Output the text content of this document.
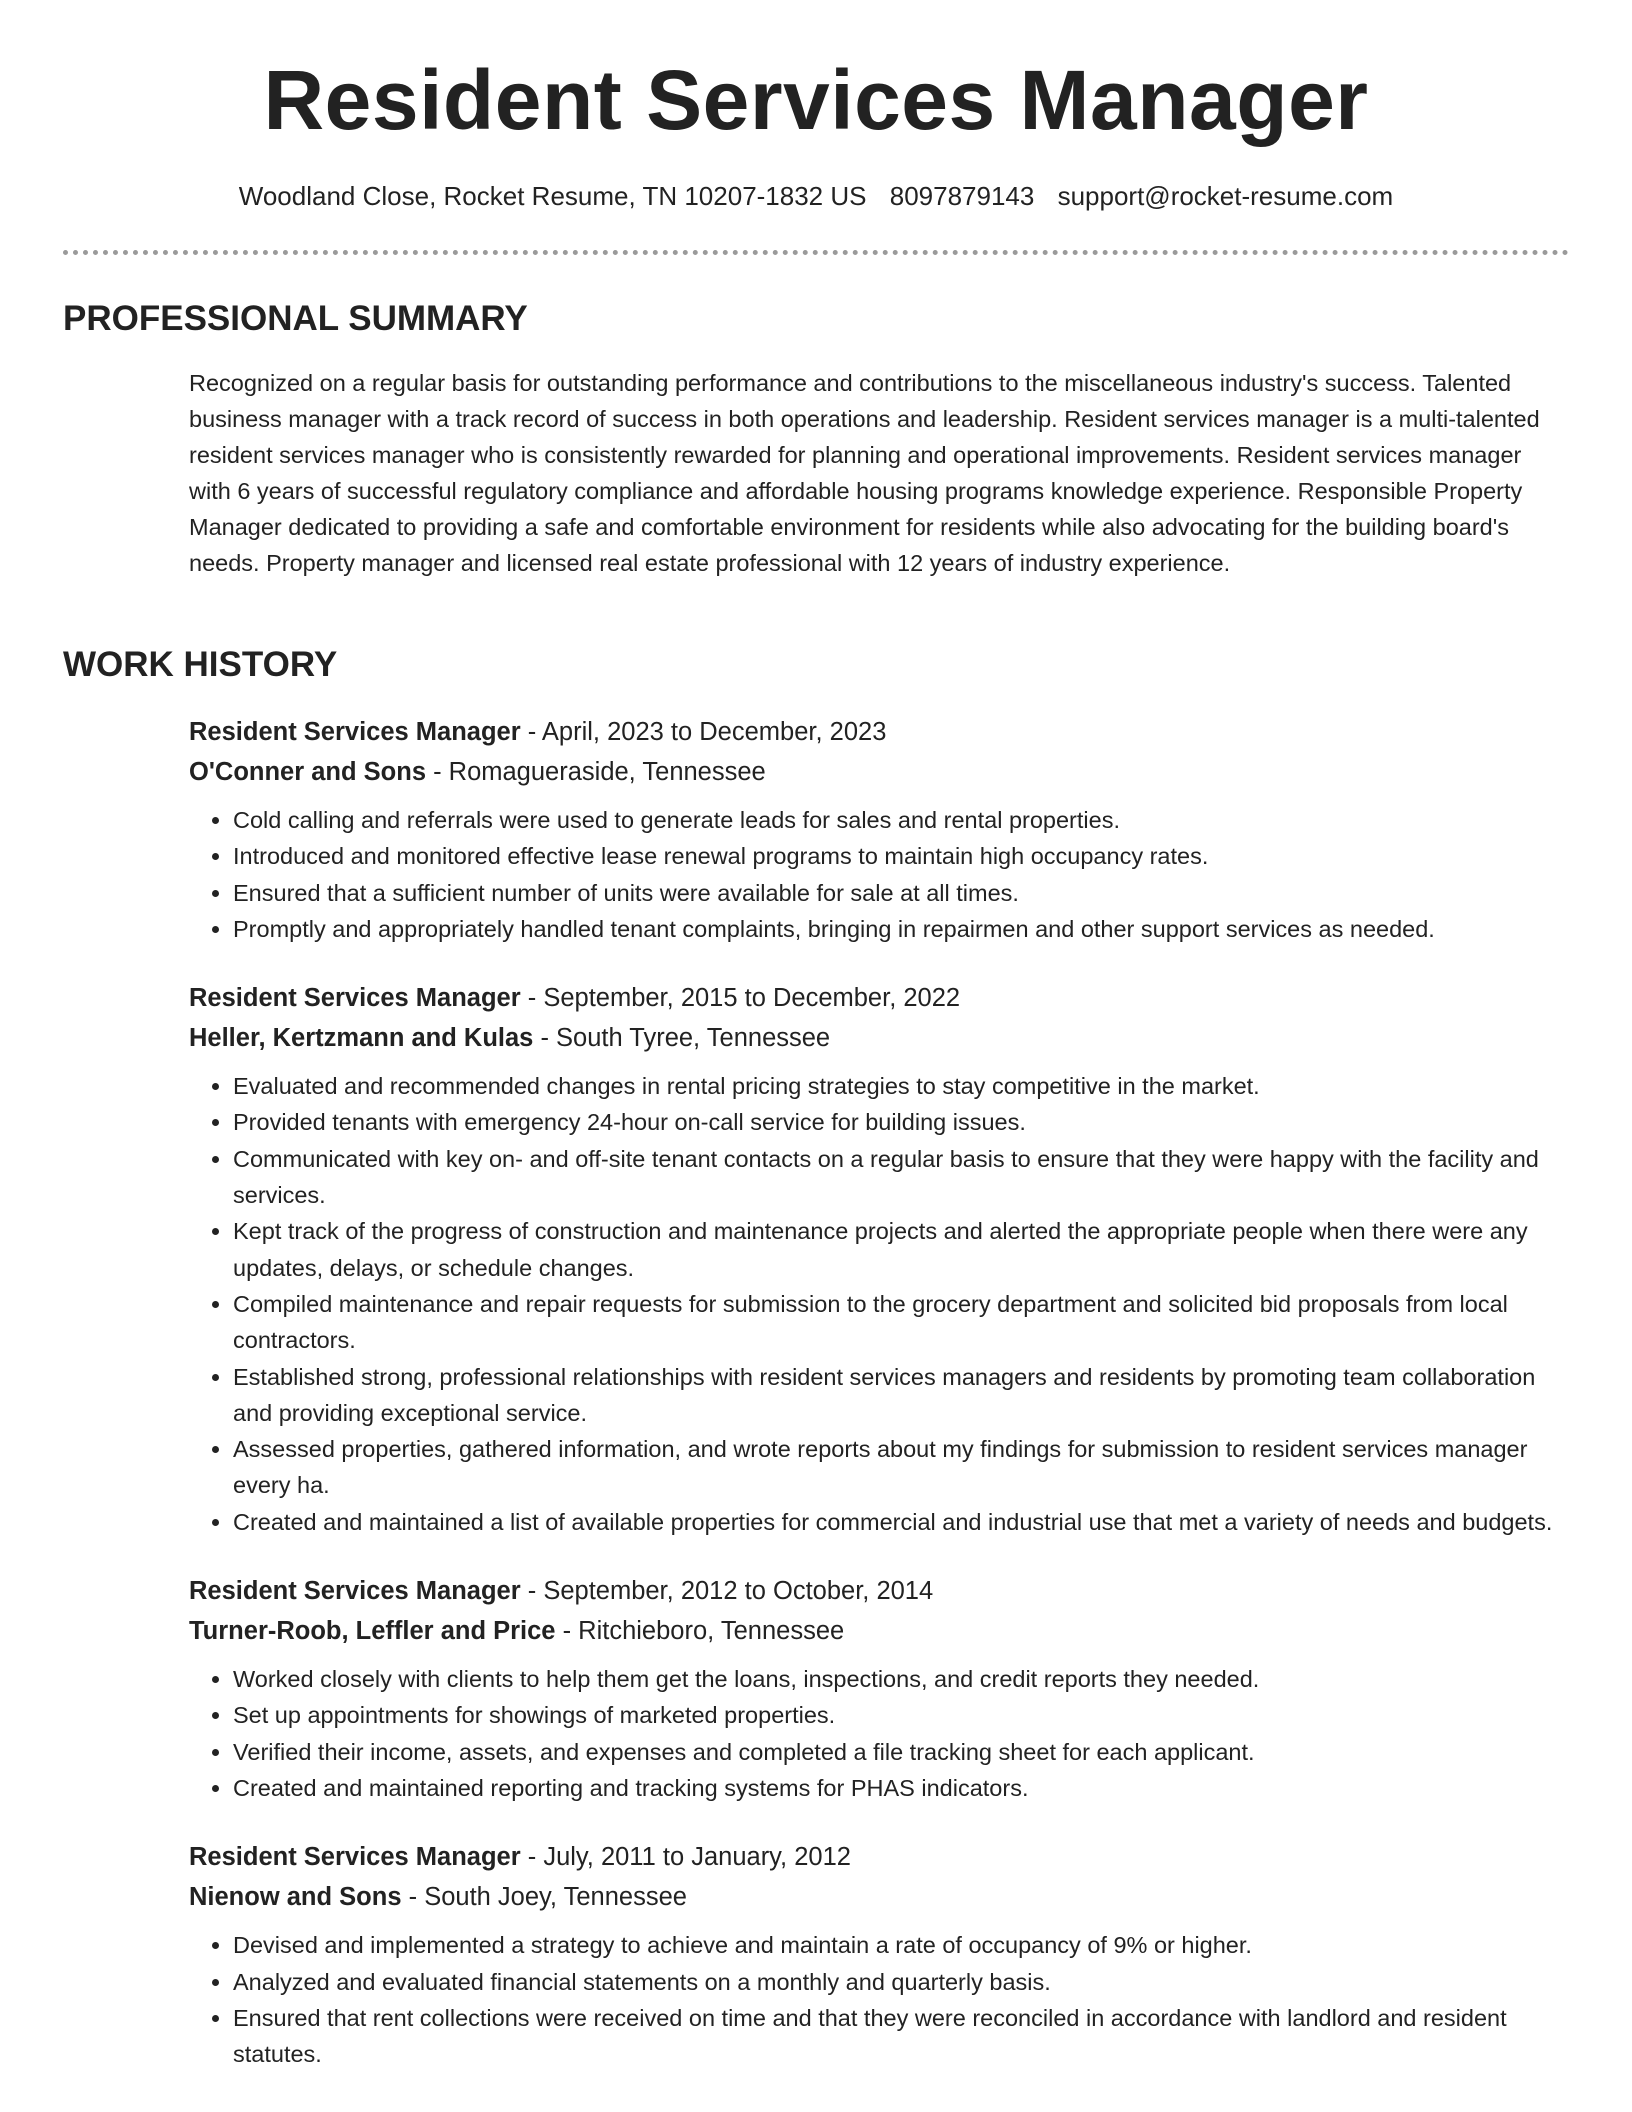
Resident Services Manager
Woodland Close, Rocket Resume, TN 10207-1832 US 8097879143 support@rocket-resume.com
PROFESSIONAL SUMMARY

Recognized on a regular basis for outstanding performance and contributions to the miscellaneous industry's success. Talented business manager with a track record of success in both operations and leadership. Resident services manager is a multi-talented resident services manager who is consistently rewarded for planning and operational improvements. Resident services manager with 6 years of successful regulatory compliance and affordable housing programs knowledge experience. Responsible Property Manager dedicated to providing a safe and comfortable environment for residents while also advocating for the building board's needs. Property manager and licensed real estate professional with 12 years of industry experience.

WORK HISTORY
Resident Services Manager - April, 2023 to December, 2023
O'Conner and Sons - Romagueraside, Tennessee
• Cold calling and referrals were used to generate leads for sales and rental properties.
• Introduced and monitored effective lease renewal programs to maintain high occupancy rates.
• Ensured that a sufficient number of units were available for sale at all times.
• Promptly and appropriately handled tenant complaints, bringing in repairmen and other support services as needed.
Resident Services Manager - September, 2015 to December, 2022
Heller, Kertzmann and Kulas - South Tyree, Tennessee
• Evaluated and recommended changes in rental pricing strategies to stay competitive in the market.
• Provided tenants with emergency 24-hour on-call service for building issues.
• Communicated with key on- and off-site tenant contacts on a regular basis to ensure that they were happy with the facility and services.
• Kept track of the progress of construction and maintenance projects and alerted the appropriate people when there were any updates, delays, or schedule changes.
• Compiled maintenance and repair requests for submission to the grocery department and solicited bid proposals from local contractors.
• Established strong, professional relationships with resident services managers and residents by promoting team collaboration and providing exceptional service.
• Assessed properties, gathered information, and wrote reports about my findings for submission to resident services manager every ha.
• Created and maintained a list of available properties for commercial and industrial use that met a variety of needs and budgets.
Resident Services Manager - September, 2012 to October, 2014
Turner-Roob, Leffler and Price - Ritchieboro, Tennessee
• Worked closely with clients to help them get the loans, inspections, and credit reports they needed.
• Set up appointments for showings of marketed properties.
• Verified their income, assets, and expenses and completed a file tracking sheet for each applicant.
• Created and maintained reporting and tracking systems for PHAS indicators.
Resident Services Manager - July, 2011 to January, 2012
Nienow and Sons - South Joey, Tennessee
• Devised and implemented a strategy to achieve and maintain a rate of occupancy of 9% or higher.
• Analyzed and evaluated financial statements on a monthly and quarterly basis.
• Ensured that rent collections were received on time and that they were reconciled in accordance with landlord and resident statutes.
